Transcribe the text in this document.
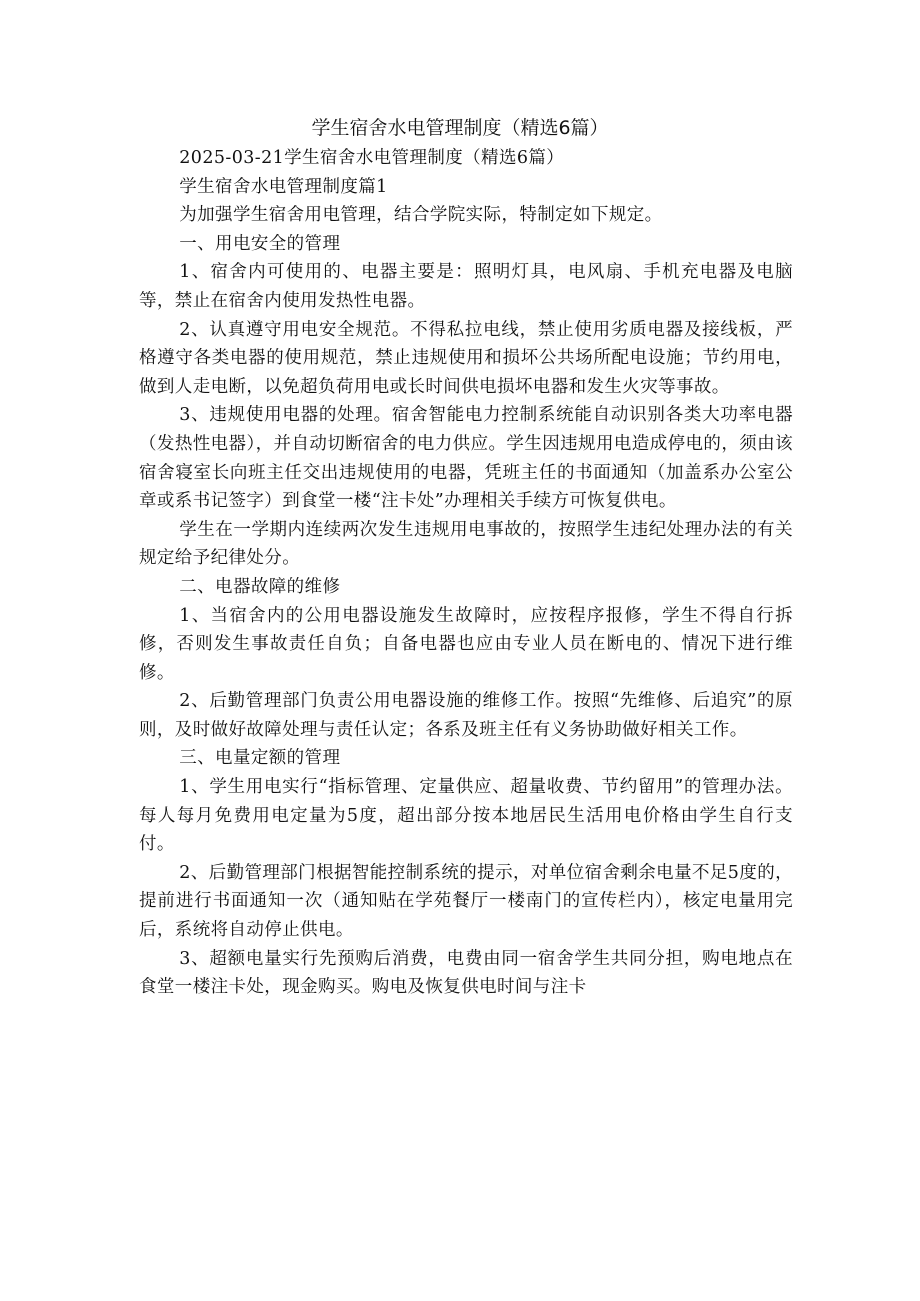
学生宿舍水电管理制度（精选6篇）

2025-03-21学生宿舍水电管理制度（精选6篇）

学生宿舍水电管理制度篇1

为加强学生宿舍用电管理，结合学院实际，特制定如下规定。

一、用电安全的管理

1、宿舍内可使用的、电器主要是：照明灯具，电风扇、手机充电器及电脑等，禁止在宿舍内使用发热性电器。

2、认真遵守用电安全规范。不得私拉电线，禁止使用劣质电器及接线板，严格遵守各类电器的使用规范，禁止违规使用和损坏公共场所配电设施；节约用电，做到人走电断，以免超负荷用电或长时间供电损坏电器和发生火灾等事故。

3、违规使用电器的处理。宿舍智能电力控制系统能自动识别各类大功率电器（发热性电器），并自动切断宿舍的电力供应。学生因违规用电造成停电的，须由该宿舍寝室长向班主任交出违规使用的电器，凭班主任的书面通知（加盖系办公室公章或系书记签字）到食堂一楼“注卡处”办理相关手续方可恢复供电。

学生在一学期内连续两次发生违规用电事故的，按照学生违纪处理办法的有关规定给予纪律处分。

二、电器故障的维修

1、当宿舍内的公用电器设施发生故障时，应按程序报修，学生不得自行拆修，否则发生事故责任自负；自备电器也应由专业人员在断电的、情况下进行维修。

2、后勤管理部门负责公用电器设施的维修工作。按照“先维修、后追究”的原则，及时做好故障处理与责任认定；各系及班主任有义务协助做好相关工作。

三、电量定额的管理

1、学生用电实行“指标管理、定量供应、超量收费、节约留用”的管理办法。每人每月免费用电定量为5度，超出部分按本地居民生活用电价格由学生自行支付。

2、后勤管理部门根据智能控制系统的提示，对单位宿舍剩余电量不足5度的，提前进行书面通知一次（通知贴在学苑餐厅一楼南门的宣传栏内），核定电量用完后，系统将自动停止供电。

3、超额电量实行先预购后消费，电费由同一宿舍学生共同分担，购电地点在食堂一楼注卡处，现金购买。购电及恢复供电时间与注卡
